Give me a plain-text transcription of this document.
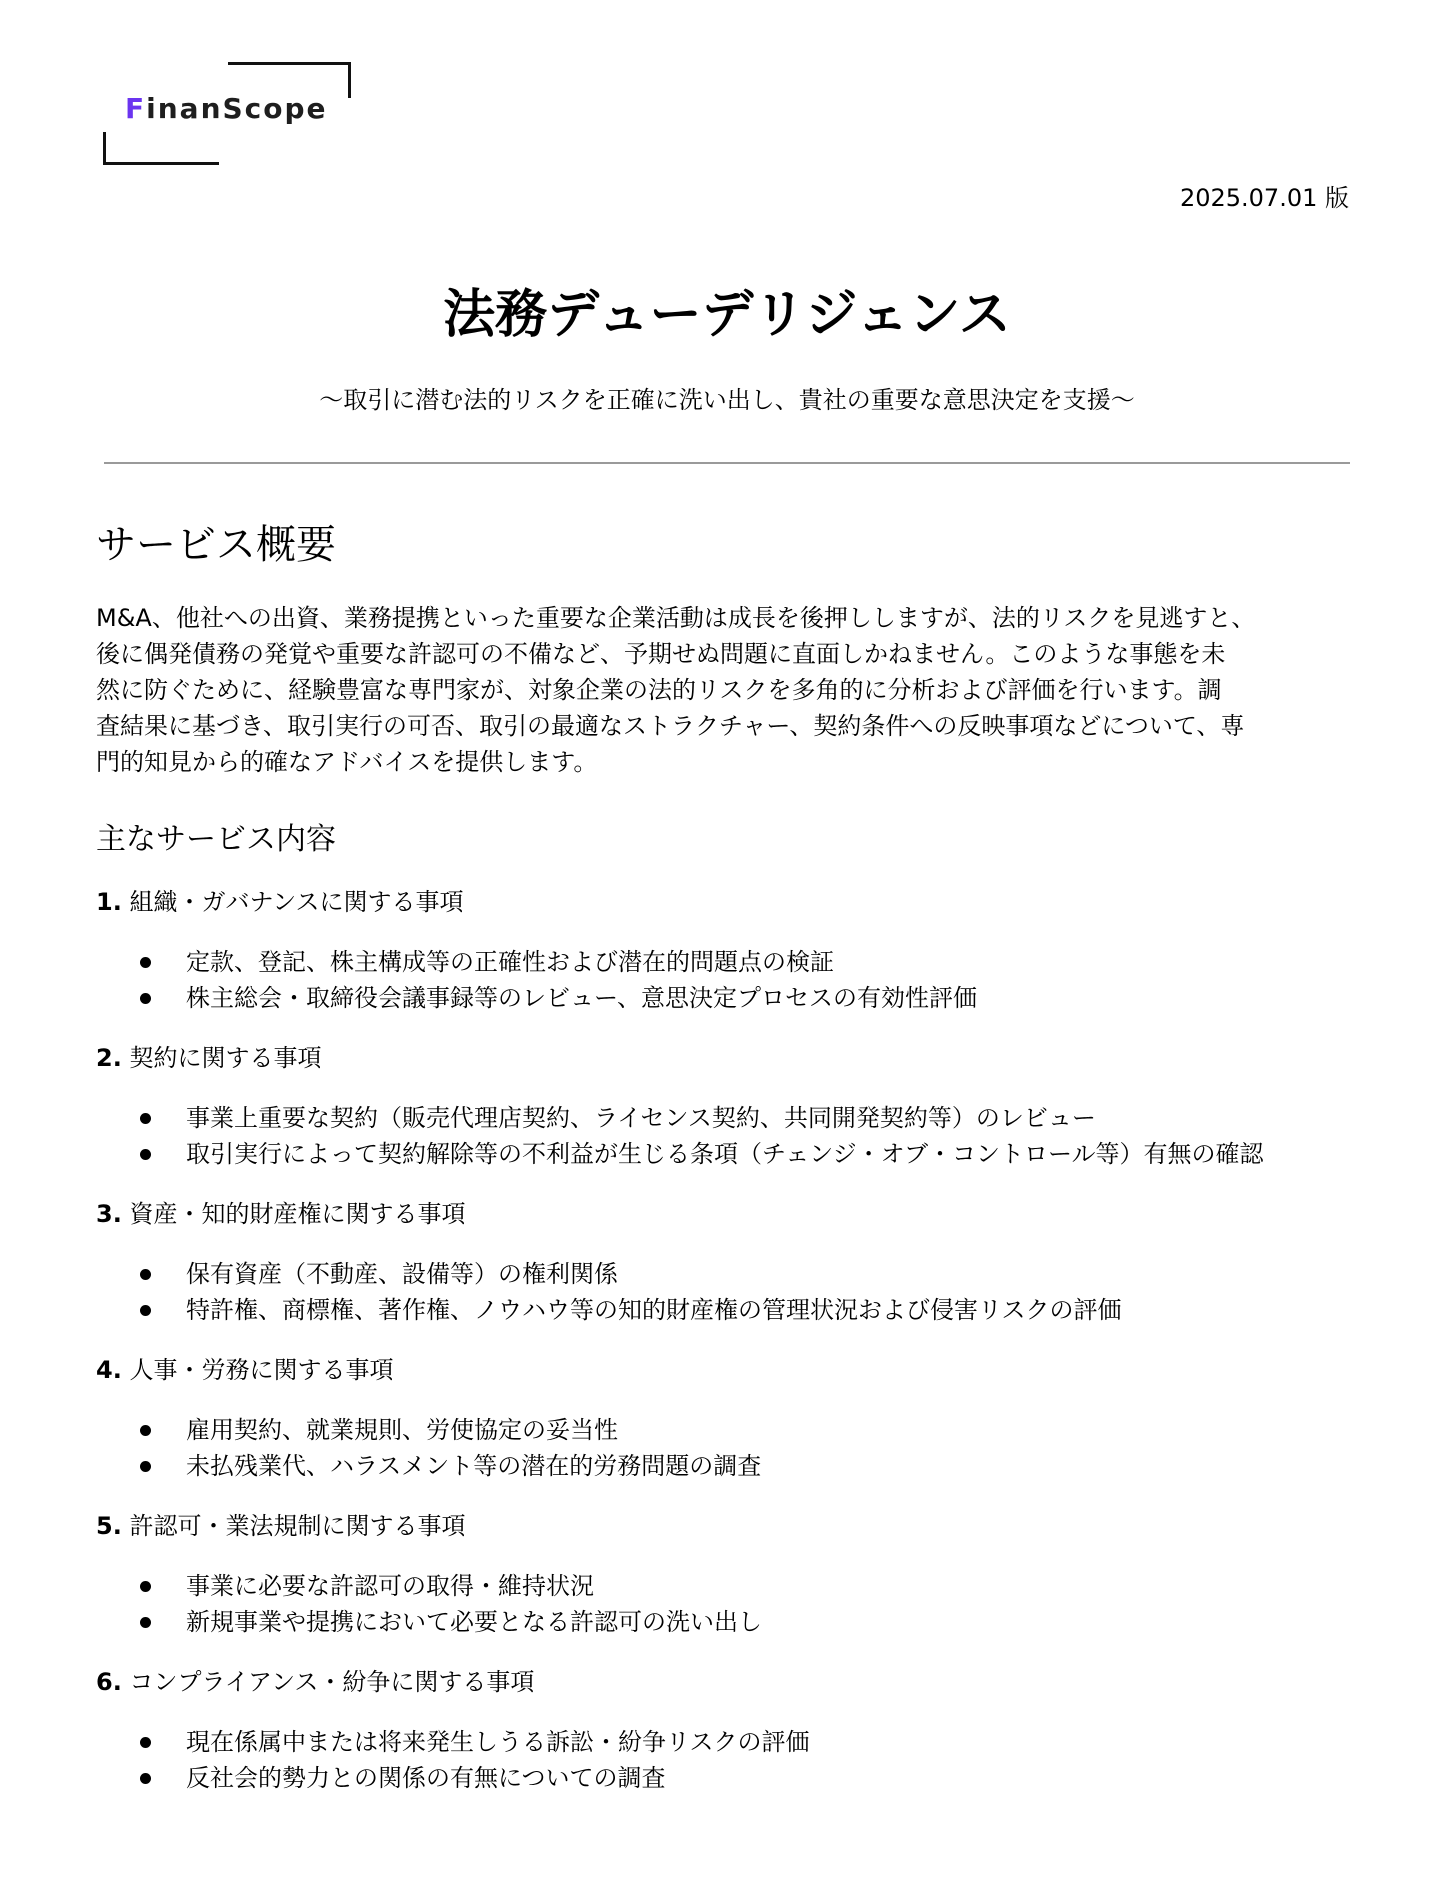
FinanScope
2025.07.01 版
法務デューデリジェンス

〜取引に潜む法的リスクを正確に洗い出し、貴社の重要な意思決定を支援〜

サービス概要
M&A、他社への出資、業務提携といった重要な企業活動は成長を後押ししますが、法的リスクを見逃すと、
後に偶発債務の発覚や重要な許認可の不備など、予期せぬ問題に直面しかねません。このような事態を未
然に防ぐために、経験豊富な専門家が、対象企業の法的リスクを多角的に分析および評価を行います。調
査結果に基づき、取引実行の可否、取引の最適なストラクチャー、契約条件への反映事項などについて、専
門的知見から的確なアドバイスを提供します。
主なサービス内容
1. 組織・ガバナンスに関する事項
定款、登記、株主構成等の正確性および潜在的問題点の検証
株主総会・取締役会議事録等のレビュー、意思決定プロセスの有効性評価
2. 契約に関する事項
事業上重要な契約（販売代理店契約、ライセンス契約、共同開発契約等）のレビュー
取引実行によって契約解除等の不利益が生じる条項（チェンジ・オブ・コントロール等）有無の確認
3. 資産・知的財産権に関する事項
保有資産（不動産、設備等）の権利関係
特許権、商標権、著作権、ノウハウ等の知的財産権の管理状況および侵害リスクの評価
4. 人事・労務に関する事項
雇用契約、就業規則、労使協定の妥当性
未払残業代、ハラスメント等の潜在的労務問題の調査
5. 許認可・業法規制に関する事項
事業に必要な許認可の取得・維持状況
新規事業や提携において必要となる許認可の洗い出し
6. コンプライアンス・紛争に関する事項
現在係属中または将来発生しうる訴訟・紛争リスクの評価
反社会的勢力との関係の有無についての調査
